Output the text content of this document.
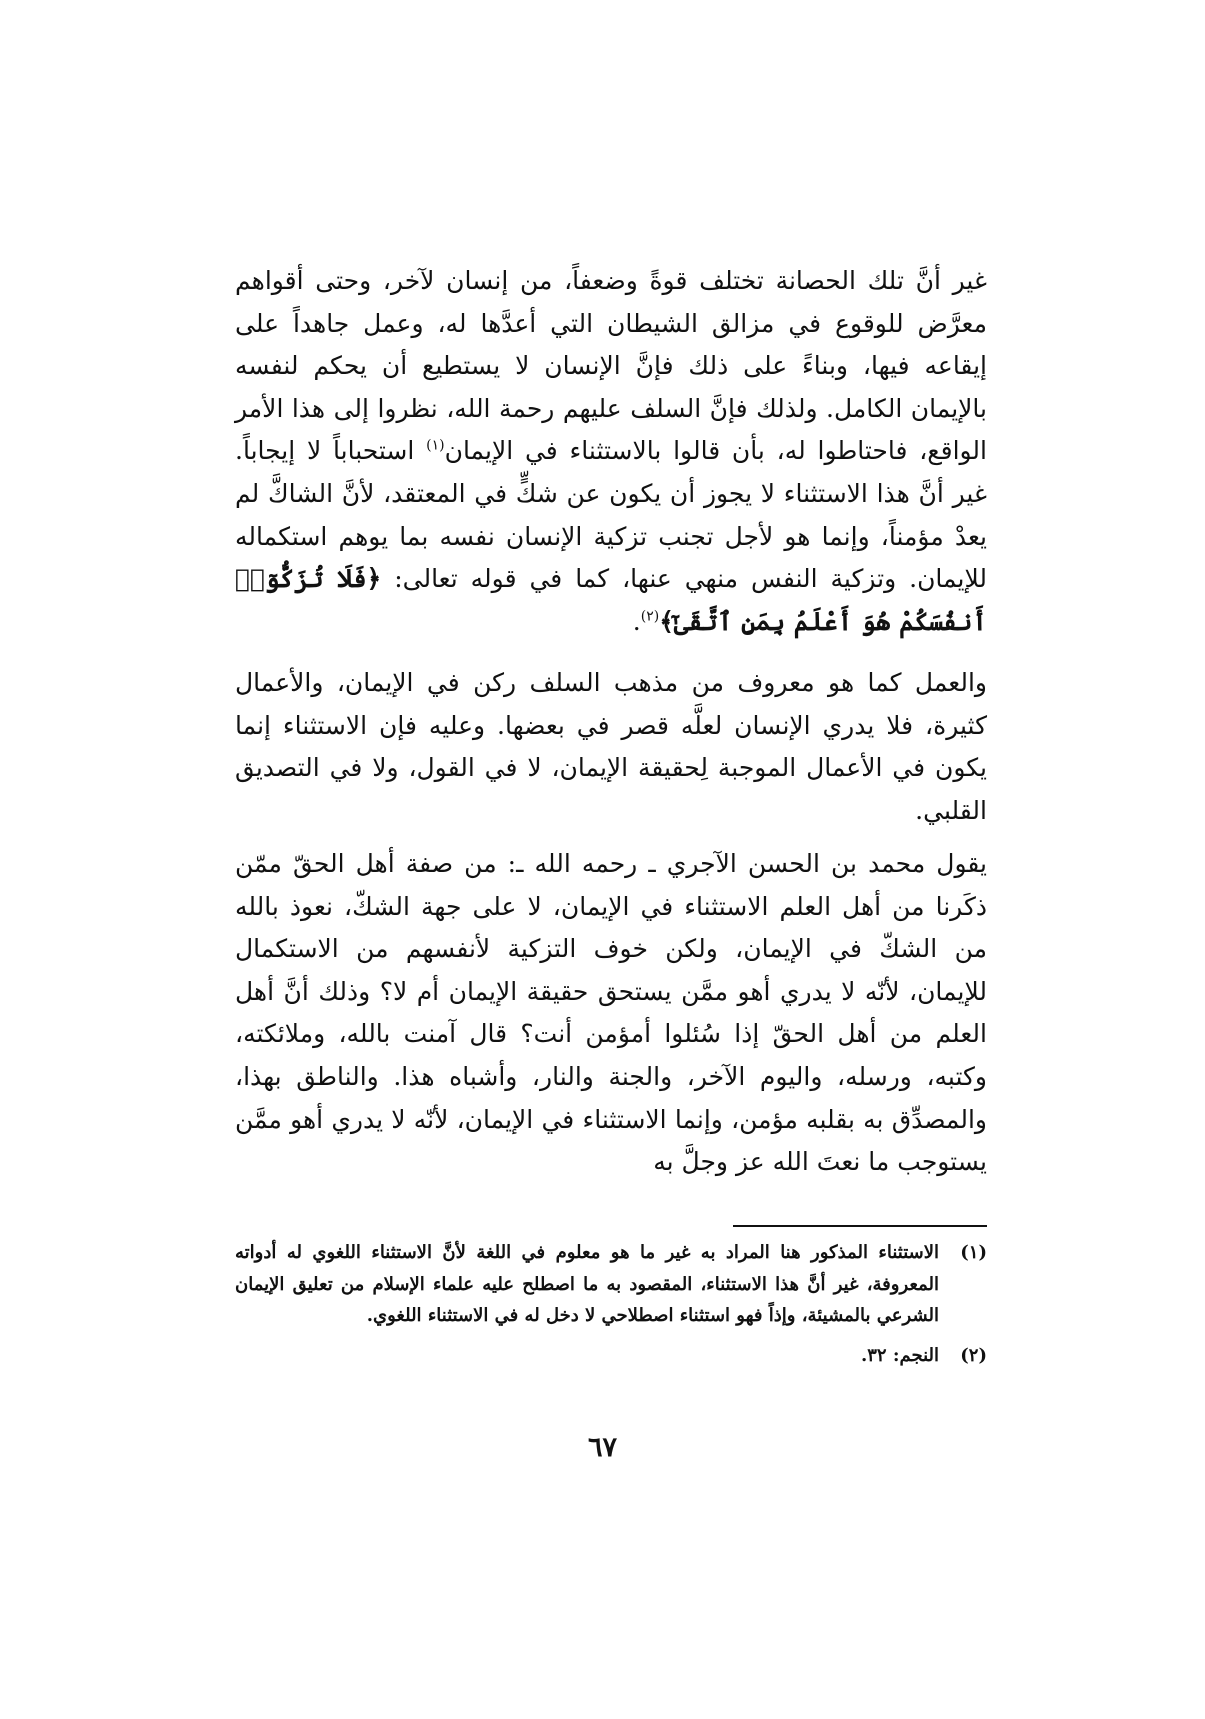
غير أنَّ تلك الحصانة تختلف قوةً وضعفاً، من إنسان لآخر، وحتى أقواهم معرَّض للوقوع في مزالق الشيطان التي أعدَّها له، وعمل جاهداً على إيقاعه فيها، وبناءً على ذلك فإنَّ الإنسان لا يستطيع أن يحكم لنفسه بالإيمان الكامل. ولذلك فإنَّ السلف عليهم رحمة الله، نظروا إلى هذا الأمر الواقع، فاحتاطوا له، بأن قالوا بالاستثناء في الإيمان$^{(١)}$ استحباباً لا إيجاباً. غير أنَّ هذا الاستثناء لا يجوز أن يكون عن شكٍّ في المعتقد، لأنَّ الشاكَّ لم يعدْ مؤمناً، وإنما هو لأجل تجنب تزكية الإنسان نفسه بما يوهم استكماله للإيمان. وتزكية النفس منهي عنها، كما في قوله تعالى: ﴿فَلَا تُزَكُّوٓا۟ أَنفُسَكُمْ هُوَ أَعْلَمُ بِمَنِ ٱتَّقَىٰٓ﴾$^{(٢)}$.

والعمل كما هو معروف من مذهب السلف ركن في الإيمان، والأعمال كثيرة، فلا يدري الإنسان لعلَّه قصر في بعضها. وعليه فإن الاستثناء إنما يكون في الأعمال الموجبة لِحقيقة الإيمان، لا في القول، ولا في التصديق القلبي.

يقول محمد بن الحسن الآجري ـ رحمه الله ـ: من صفة أهل الحقّ ممّن ذكَرنا من أهل العلم الاستثناء في الإيمان، لا على جهة الشكّ، نعوذ بالله من الشكّ في الإيمان، ولكن خوف التزكية لأنفسهم من الاستكمال للإيمان، لأنّه لا يدري أهو ممَّن يستحق حقيقة الإيمان أم لا؟ وذلك أنَّ أهل العلم من أهل الحقّ إذا سُئلوا أمؤمن أنت؟ قال آمنت بالله، وملائكته، وكتبه، ورسله، واليوم الآخر، والجنة والنار، وأشباه هذا. والناطق بهذا، والمصدِّق به بقلبه مؤمن، وإنما الاستثناء في الإيمان، لأنّه لا يدري أهو ممَّن يستوجب ما نعتَ الله عز وجلَّ به

(١)
الاستثناء المذكور هنا المراد به غير ما هو معلوم في اللغة لأنَّ الاستثناء اللغوي له أدواته المعروفة، غير أنَّ هذا الاستثناء، المقصود به ما اصطلح عليه علماء الإسلام من تعليق الإيمان الشرعي بالمشيئة، وإذاً فهو استثناء اصطلاحي لا دخل له في الاستثناء اللغوي.
(٢)
النجم: ٣٢.
٦٧
